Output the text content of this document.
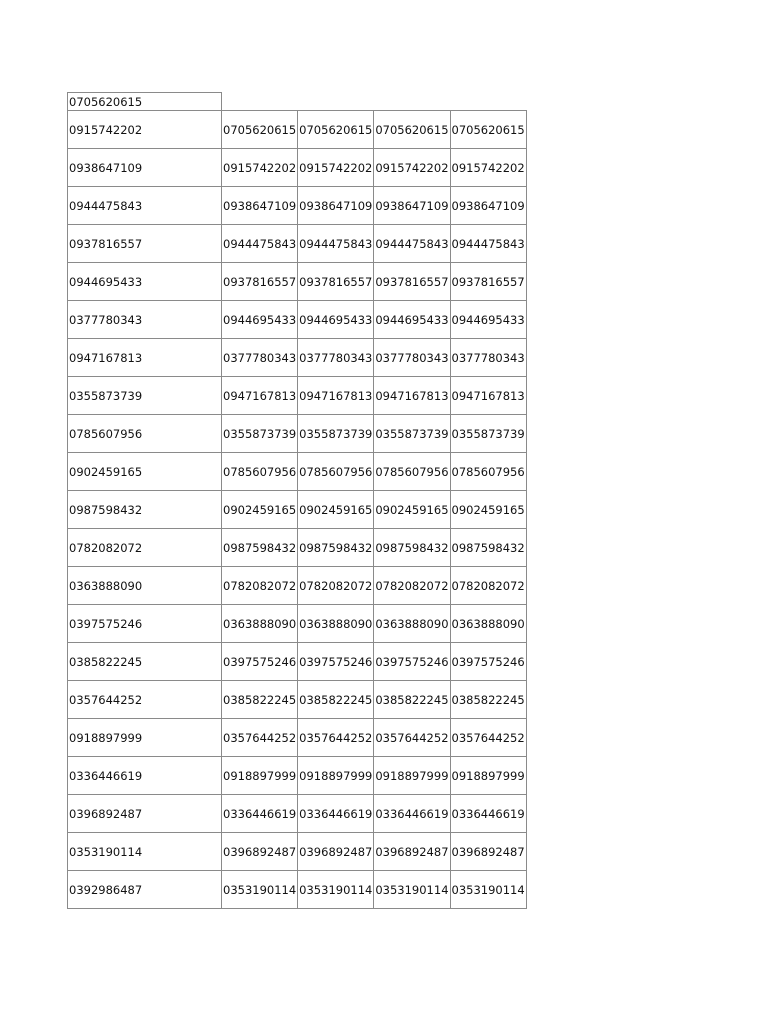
0705620615				
0915742202	0705620615	0705620615	0705620615	0705620615
0938647109	0915742202	0915742202	0915742202	0915742202
0944475843	0938647109	0938647109	0938647109	0938647109
0937816557	0944475843	0944475843	0944475843	0944475843
0944695433	0937816557	0937816557	0937816557	0937816557
0377780343	0944695433	0944695433	0944695433	0944695433
0947167813	0377780343	0377780343	0377780343	0377780343
0355873739	0947167813	0947167813	0947167813	0947167813
0785607956	0355873739	0355873739	0355873739	0355873739
0902459165	0785607956	0785607956	0785607956	0785607956
0987598432	0902459165	0902459165	0902459165	0902459165
0782082072	0987598432	0987598432	0987598432	0987598432
0363888090	0782082072	0782082072	0782082072	0782082072
0397575246	0363888090	0363888090	0363888090	0363888090
0385822245	0397575246	0397575246	0397575246	0397575246
0357644252	0385822245	0385822245	0385822245	0385822245
0918897999	0357644252	0357644252	0357644252	0357644252
0336446619	0918897999	0918897999	0918897999	0918897999
0396892487	0336446619	0336446619	0336446619	0336446619
0353190114	0396892487	0396892487	0396892487	0396892487
0392986487	0353190114	0353190114	0353190114	0353190114
